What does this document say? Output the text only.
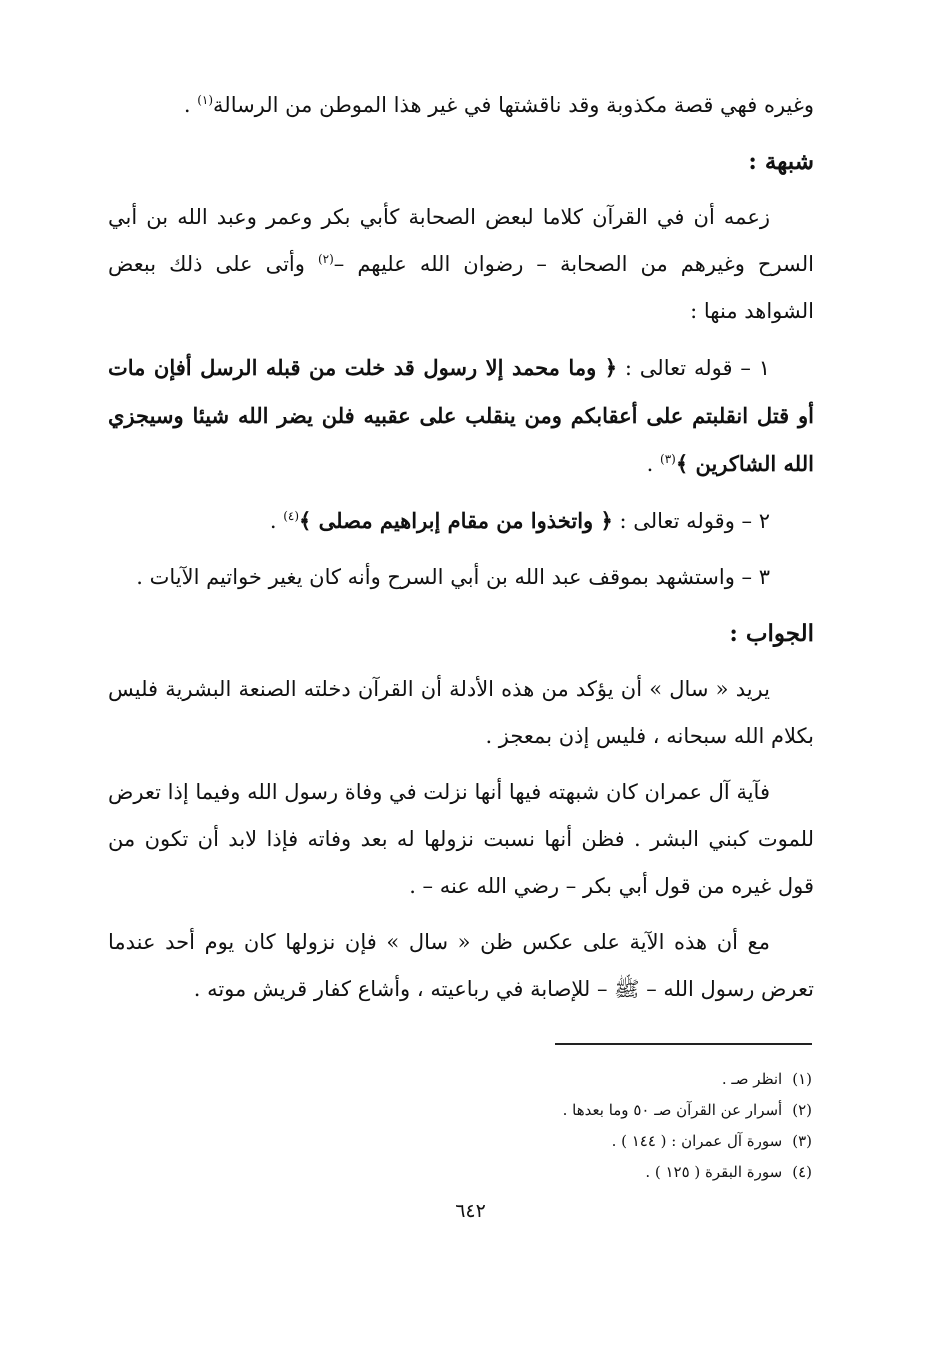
وغيره فهي قصة مكذوبة وقد ناقشتها في غير هذا الموطن من الرسالة$^{(١)}$ .

شبهة :

زعمه أن في القرآن كلاما لبعض الصحابة كأبي بكر وعمر وعبد الله بن أبي السرح وغيرهم من الصحابة – رضوان الله عليهم –$^{(٢)}$ وأتى على ذلك ببعض الشواهد منها :

١ – قوله تعالى : ﴿ وما محمد إلا رسول قد خلت من قبله الرسل أفإن مات أو قتل انقلبتم على أعقابكم ومن ينقلب على عقبيه فلن يضر الله شيئا وسيجزي الله الشاكرين ﴾$^{(٣)}$ .

٢ – وقوله تعالى : ﴿ واتخذوا من مقام إبراهيم مصلى ﴾$^{(٤)}$ .

٣ – واستشهد بموقف عبد الله بن أبي السرح وأنه كان يغير خواتيم الآيات .

الجواب :

يريد « سال » أن يؤكد من هذه الأدلة أن القرآن دخلته الصنعة البشرية فليس بكلام الله سبحانه ، فليس إذن بمعجز .

فآية آل عمران كان شبهته فيها أنها نزلت في وفاة رسول الله وفيما إذا تعرض للموت كبني البشر . فظن أنها نسبت نزولها له بعد وفاته فإذا لابد أن تكون من قول غيره من قول أبي بكر – رضي الله عنه – .

مع أن هذه الآية على عكس ظن « سال » فإن نزولها كان يوم أحد عندما تعرض رسول الله – ﷺ – للإصابة في رباعيته ، وأشاع كفار قريش موته .

(١)انظر صـ .
(٢)أسرار عن القرآن صـ ٥٠ وما بعدها .
(٣)سورة آل عمران : ( ١٤٤ ) .
(٤)سورة البقرة ( ١٢٥ ) .
٦٤٢
